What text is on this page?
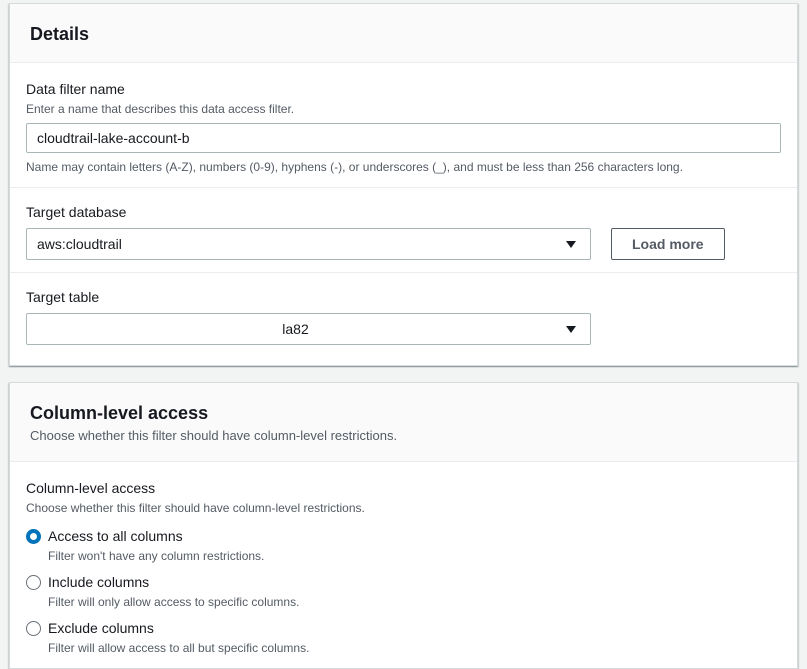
Details
Data filter name
Enter a name that describes this data access filter.
cloudtrail-lake-account-b
Name may contain letters (A-Z), numbers (0-9), hyphens (-), or underscores (_), and must be less than 256 characters long.
Target database
aws:cloudtrail	Load more
Target table
la82
Column-level access
Choose whether this filter should have column-level restrictions.
Column-level access
Choose whether this filter should have column-level restrictions.
Access to all columns
Filter won't have any column restrictions.
Include columns
Filter will only allow access to specific columns.
Exclude columns
Filter will allow access to all but specific columns.
